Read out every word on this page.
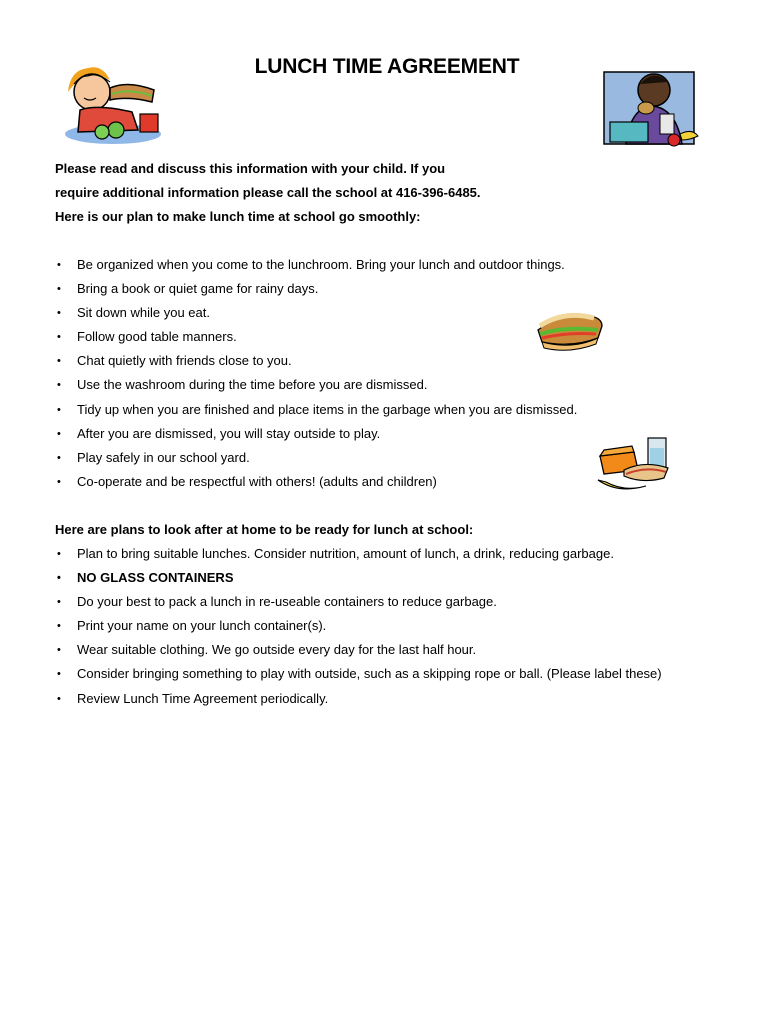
LUNCH TIME AGREEMENT
Please read and discuss this information with your child. If you
require additional information please call the school at 416-396-6485.
Here is our plan to make lunch time at school go smoothly:
• Be organized when you come to the lunchroom. Bring your lunch and outdoor things.
• Bring a book or quiet game for rainy days.
• Sit down while you eat.
• Follow good table manners.
• Chat quietly with friends close to you.
• Use the washroom during the time before you are dismissed.
• Tidy up when you are finished and place items in the garbage when you are dismissed.
• After you are dismissed, you will stay outside to play.
• Play safely in our school yard.
• Co-operate and be respectful with others! (adults and children)
Here are plans to look after at home to be ready for lunch at school:
• Plan to bring suitable lunches. Consider nutrition, amount of lunch, a drink, reducing garbage.
• NO GLASS CONTAINERS
• Do your best to pack a lunch in re-useable containers to reduce garbage.
• Print your name on your lunch container(s).
• Wear suitable clothing. We go outside every day for the last half hour.
• Consider bringing something to play with outside, such as a skipping rope or ball. (Please label these)
• Review Lunch Time Agreement periodically.
